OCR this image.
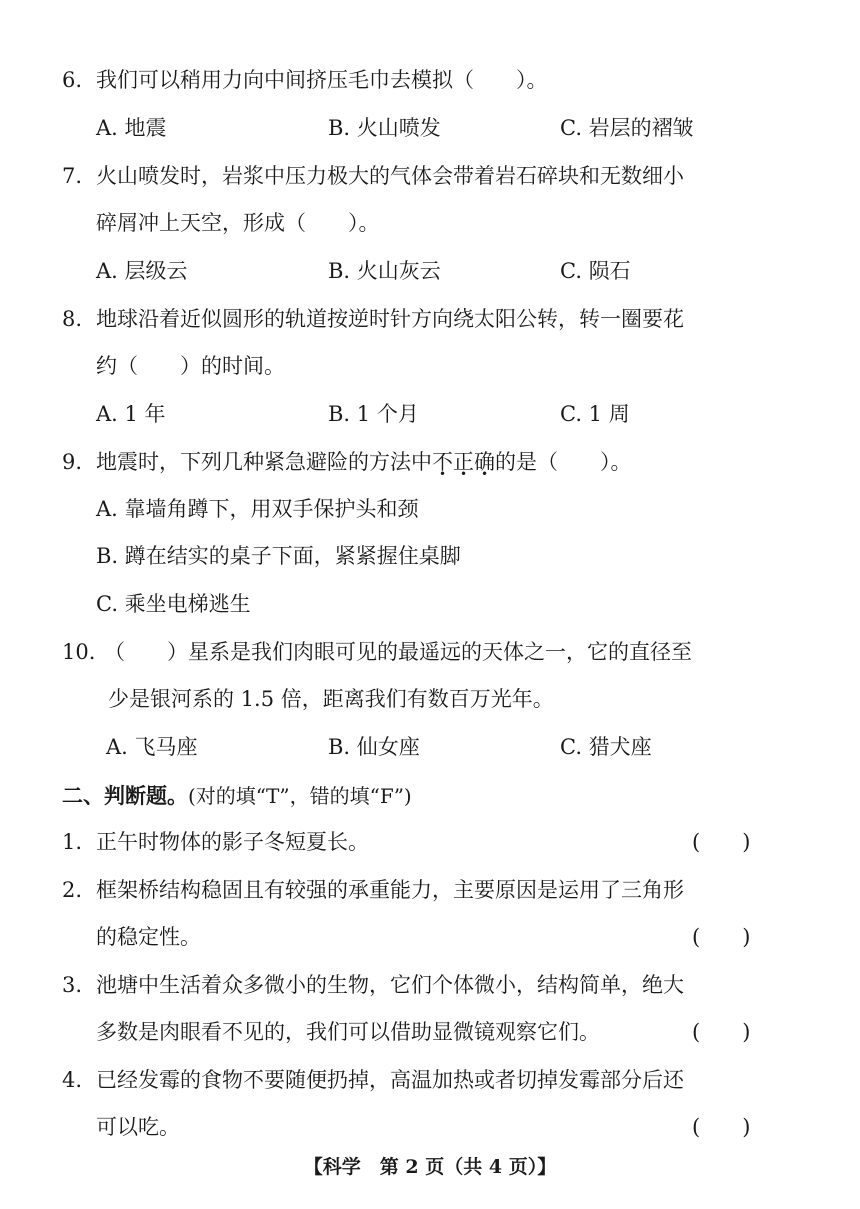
6. 我们可以稍用力向中间挤压毛巾去模拟（　　）。
A. 地震	B. 火山喷发	C. 岩层的褶皱
7. 火山喷发时，岩浆中压力极大的气体会带着岩石碎块和无数细小
碎屑冲上天空，形成（　　）。
A. 层级云	B. 火山灰云	C. 陨石
8. 地球沿着近似圆形的轨道按逆时针方向绕太阳公转，转一圈要花
约（　　）的时间。
A. 1 年	B. 1 个月	C. 1 周
9. 地震时，下列几种紧急避险的方法中不正确的是（　　）。
A. 靠墙角蹲下，用双手保护头和颈
B. 蹲在结实的桌子下面，紧紧握住桌脚
C. 乘坐电梯逃生
10. （　　）星系是我们肉眼可见的最遥远的天体之一，它的直径至
少是银河系的 1.5 倍，距离我们有数百万光年。
A. 飞马座	B. 仙女座	C. 猎犬座
二、判断题。(对的填“T”，错的填“F”)
1. 正午时物体的影子冬短夏长。	(　　)
2. 框架桥结构稳固且有较强的承重能力，主要原因是运用了三角形
的稳定性。	(　　)
3. 池塘中生活着众多微小的生物，它们个体微小，结构简单，绝大
多数是肉眼看不见的，我们可以借助显微镜观察它们。	(　　)
4. 已经发霉的食物不要随便扔掉，高温加热或者切掉发霉部分后还
可以吃。	(　　)
【科学　第 2 页（共 4 页）】
